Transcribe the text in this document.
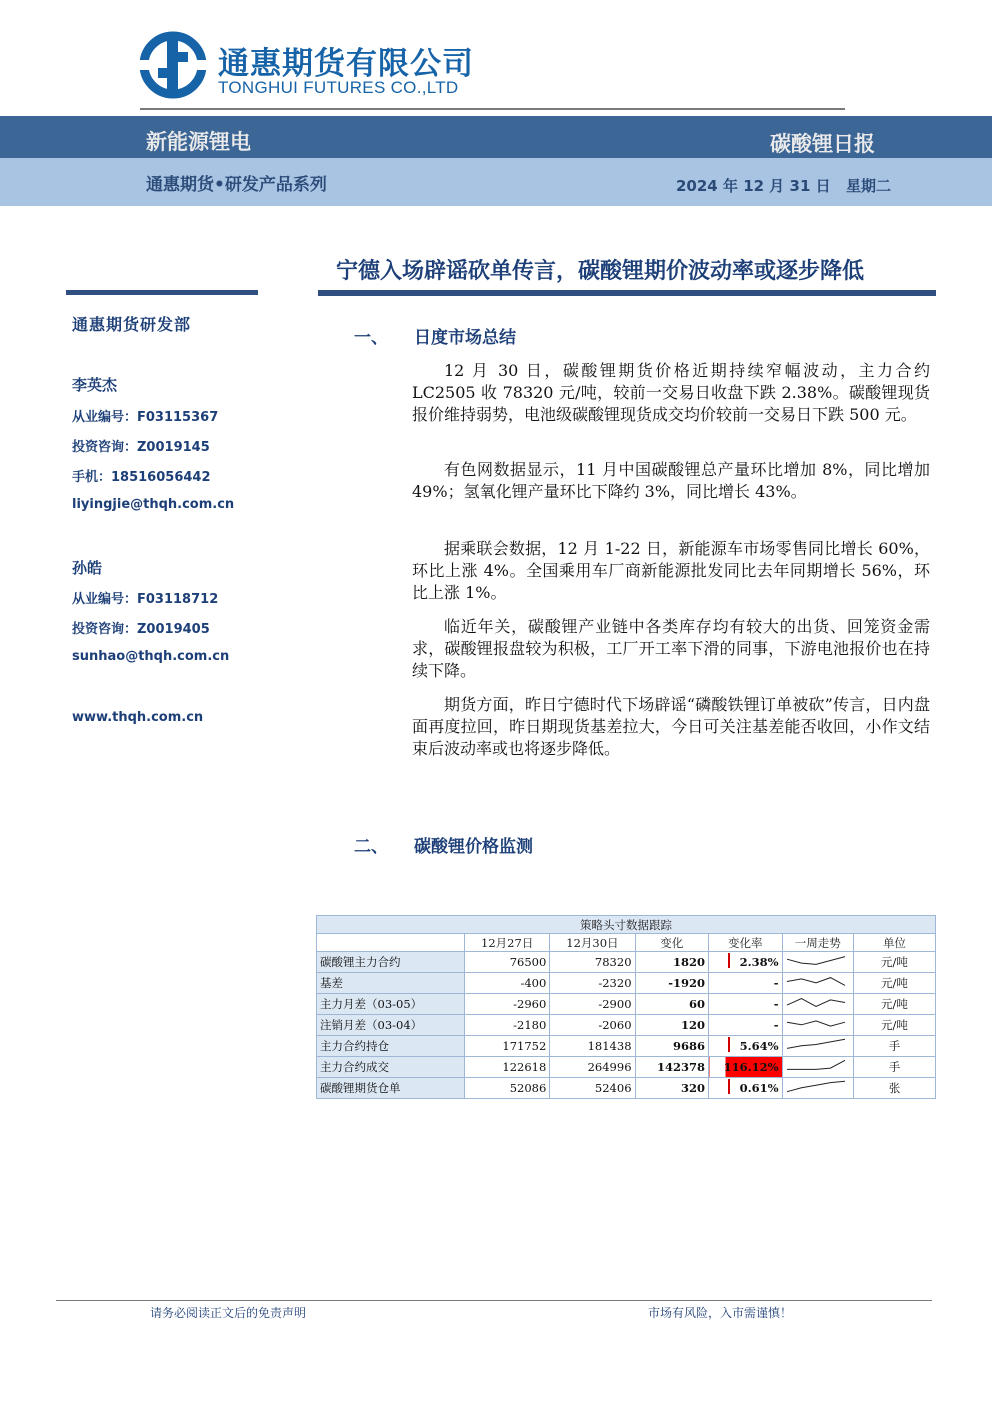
通惠期货有限公司
TONGHUI FUTURES CO.,LTD
新能源锂电	碳酸锂日报
通惠期货•研发产品系列	2024 年 12 月 31 日 星期二
宁德入场辟谣砍单传言，碳酸锂期价波动率或逐步降低
通惠期货研发部
李英杰
从业编号：F03115367
投资咨询：Z0019145
手机：18516056442
liyingjie@thqh.com.cn
孙皓
从业编号：F03118712
投资咨询：Z0019405
sunhao@thqh.com.cn
www.thqh.com.cn
一、 日度市场总结

12 月 30 日，碳酸锂期货价格近期持续窄幅波动，主力合约 LC2505 收 78320 元/吨，较前一交易日收盘下跌 2.38%。碳酸锂现货报价维持弱势，电池级碳酸锂现货成交均价较前一交易日下跌 500 元。

有色网数据显示，11 月中国碳酸锂总产量环比增加 8%，同比增加 49%；氢氧化锂产量环比下降约 3%，同比增长 43%。

据乘联会数据，12 月 1-22 日，新能源车市场零售同比增长 60%，环比上涨 4%。全国乘用车厂商新能源批发同比去年同期增长 56%，环比上涨 1%。

临近年关，碳酸锂产业链中各类库存均有较大的出货、回笼资金需求，碳酸锂报盘较为积极，工厂开工率下滑的同事，下游电池报价也在持续下降。

期货方面，昨日宁德时代下场辟谣“磷酸铁锂订单被砍”传言，日内盘面再度拉回，昨日期现货基差拉大，今日可关注基差能否收回，小作文结束后波动率或也将逐步降低。

二、 碳酸锂价格监测
策略头寸数据跟踪						
	12月27日	12月30日	变化	变化率	一周走势	单位
碳酸锂主力合约	76500	78320	1820	2.38%		元/吨
基差	-400	-2320	-1920	-		元/吨
主力月差（03-05）	-2960	-2900	60	-		元/吨
注销月差（03-04）	-2180	-2060	120	-		元/吨
主力合约持仓	171752	181438	9686	5.64%		手
主力合约成交	122618	264996	142378	116.12%		手
碳酸锂期货仓单	52086	52406	320	0.61%		张
请务必阅读正文后的免责声明	市场有风险，入市需谨慎！
